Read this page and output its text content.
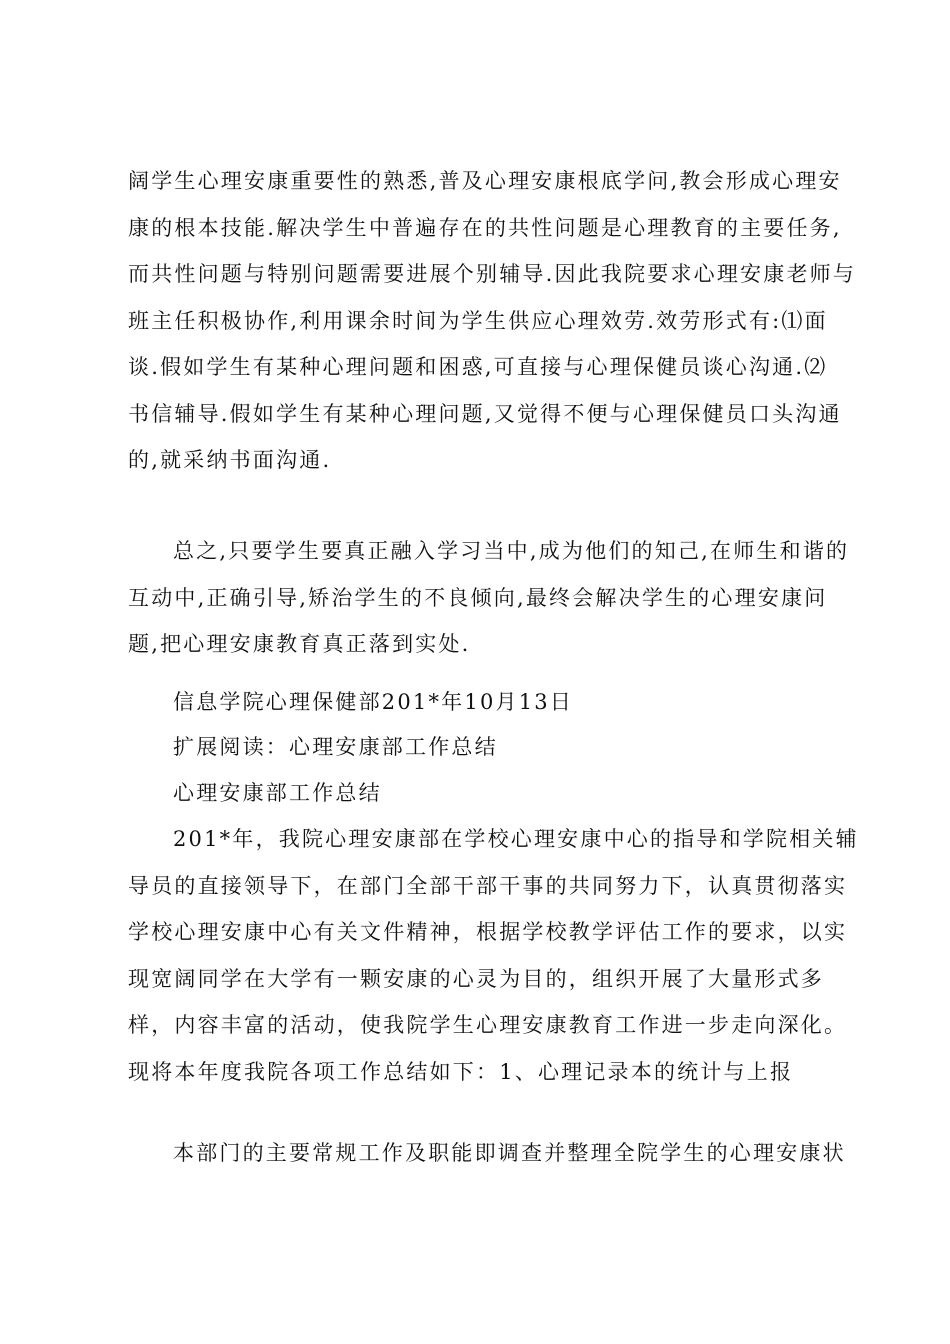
阔学生心理安康重要性的熟悉,普及心理安康根底学问,教会形成心理安
康的根本技能.解决学生中普遍存在的共性问题是心理教育的主要任务,
而共性问题与特别问题需要进展个别辅导.因此我院要求心理安康老师与
班主任积极协作,利用课余时间为学生供应心理效劳.效劳形式有:⑴面
谈.假如学生有某种心理问题和困惑,可直接与心理保健员谈心沟通.⑵
书信辅导.假如学生有某种心理问题,又觉得不便与心理保健员口头沟通
的,就采纳书面沟通.
总之,只要学生要真正融入学习当中,成为他们的知己,在师生和谐的
互动中,正确引导,矫治学生的不良倾向,最终会解决学生的心理安康问
题,把心理安康教育真正落到实处.
信息学院心理保健部201*年10月13日
扩展阅读：心理安康部工作总结
心理安康部工作总结
201*年，我院心理安康部在学校心理安康中心的指导和学院相关辅
导员的直接领导下，在部门全部干部干事的共同努力下，认真贯彻落实
学校心理安康中心有关文件精神，根据学校教学评估工作的要求，以实
现宽阔同学在大学有一颗安康的心灵为目的，组织开展了大量形式多
样，内容丰富的活动，使我院学生心理安康教育工作进一步走向深化。
现将本年度我院各项工作总结如下：1、心理记录本的统计与上报
本部门的主要常规工作及职能即调查并整理全院学生的心理安康状
